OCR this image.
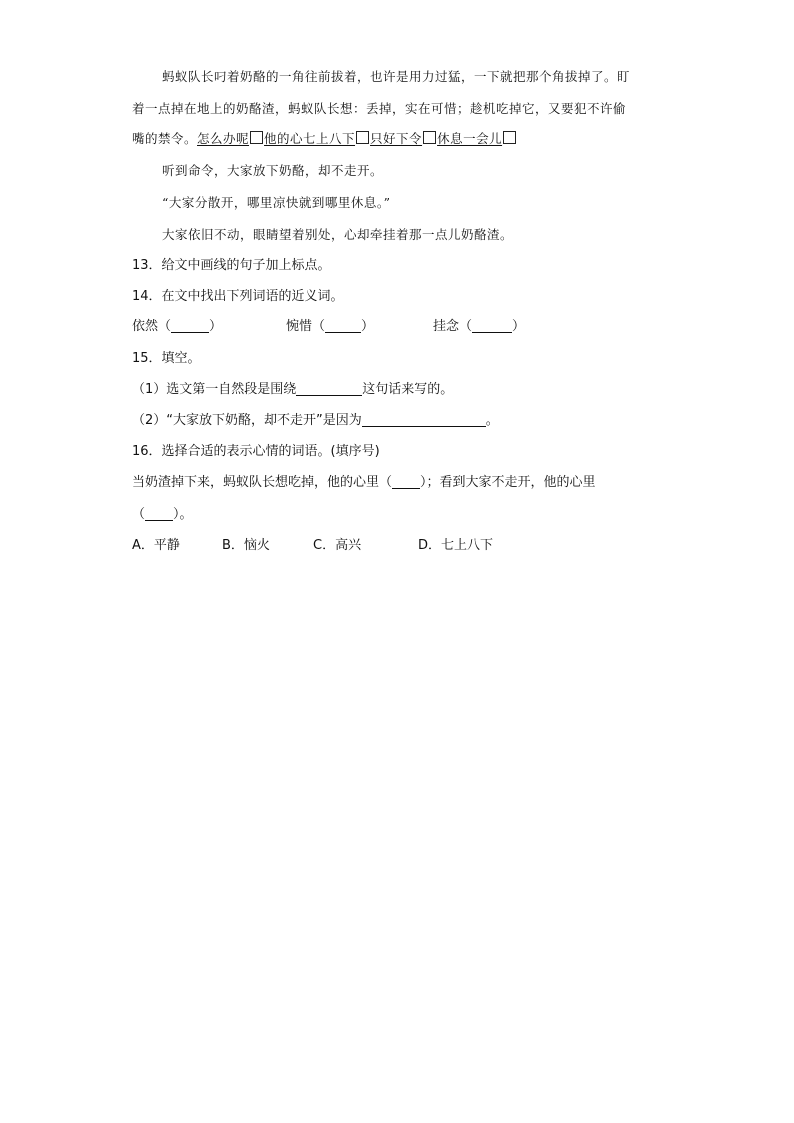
蚂蚁队长叼着奶酪的一角往前拔着，也许是用力过猛，一下就把那个角拔掉了。盯
着一点掉在地上的奶酪渣，蚂蚁队长想：丢掉，实在可惜；趁机吃掉它，又要犯不许偷
嘴的禁令。怎么办呢 他的心七上八下 只好下令 休息一会儿
听到命令，大家放下奶酪，却不走开。
“大家分散开，哪里凉快就到哪里休息。”
大家依旧不动，眼睛望着别处，心却牵挂着那一点儿奶酪渣。
13．给文中画线的句子加上标点。
14．在文中找出下列词语的近义词。
依然（	）	惋惜（	）	挂念（	）
15．填空。
（1）选文第一自然段是围绕	这句话来写的。
（2）“大家放下奶酪，却不走开”是因为	。
16．选择合适的表示心情的词语。(填序号)
当奶渣掉下来，蚂蚁队长想吃掉，他的心里（ ）；看到大家不走开，他的心里
（ ）。
A．平静	B．恼火	C．高兴	D．七上八下
